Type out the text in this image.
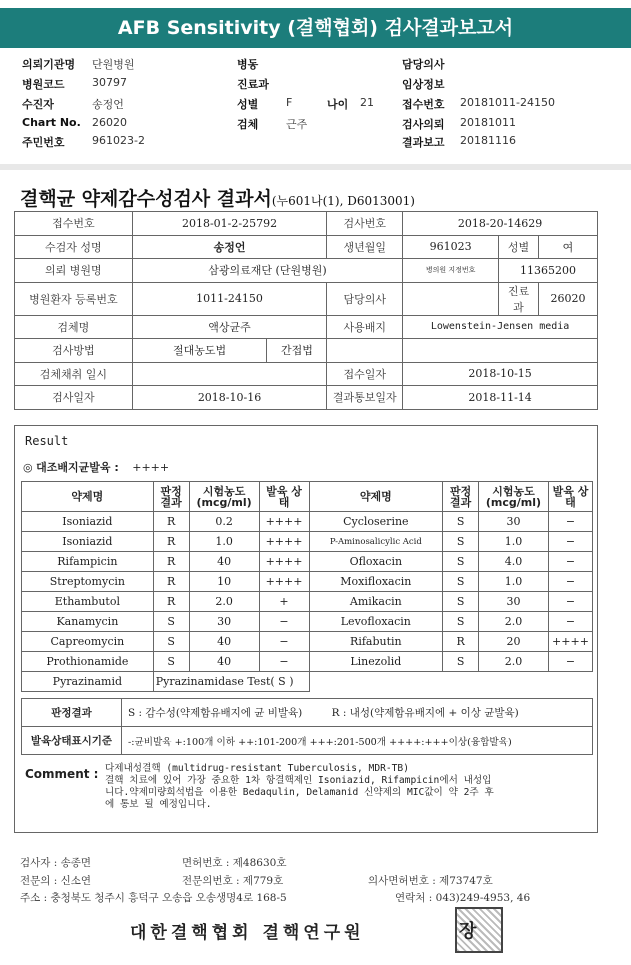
AFB Sensitivity (결핵협회) 검사결과보고서
의뢰기관명 단원병원	병동	담당의사
병원코드 30797	진료과	임상정보
수진자	송정언	성별	F	나이 21	접수번호 20181011-24150
Chart No. 26020	검체	근주	검사의뢰 20181011
주민번호 961023-2	결과보고 20181116
결핵균 약제감수성검사 결과서(누601나(1), D6013001)
접수번호	2018-01-2-25792		검사번호	2018-20-14629		
수검자 성명	송정언		생년월일	961023	성별	여
의뢰 병원명	삼광의료재단 (단원병원)			병의원 지정번호	11365200	
병원환자 등록번호	1011-24150		담당의사		진료과	26020
검체명	액상균주		사용배지	Lowenstein-Jensen media		
검사방법	절대농도법	간접법				
검체채취 일시			접수일자	2018-10-15		
검사일자	2018-10-16		결과통보일자	2018-11-14		
Result
◎ 대조배지균발육 : ++++
약제명	판정 결과	시험농도 (mcg/ml)	발육 상태	약제명	판정 결과	시험농도 (mcg/ml)	발육 상태
Isoniazid	R	0.2	++++	Cycloserine	S	30	−
Isoniazid	R	1.0	++++	P-Aminosalicylic Acid	S	1.0	−
Rifampicin	R	40	++++	Ofloxacin	S	4.0	−
Streptomycin	R	10	++++	Moxifloxacin	S	1.0	−
Ethambutol	R	2.0	+	Amikacin	S	30	−
Kanamycin	S	30	−	Levofloxacin	S	2.0	−
Capreomycin	S	40	−	Rifabutin	R	20	++++
Prothionamide	S	40	−	Linezolid	S	2.0	−
Pyrazinamid	Pyrazinamidase Test( S )						
판정결과	S : 감수성(약제함유배지에 균 비발육) R : 내성(약제함유배지에 + 이상 균발육)
발육상태표시기준	-:균비발육 +:100개 이하 ++:101-200개 +++:201-500개 ++++:+++이상(융합발육)
Comment : 다제내성결핵 (multidrug-resistant Tuberculosis, MDR-TB)
결핵 치료에 있어 가장 중요한 1차 항결핵제인 Isoniazid, Rifampicin에서 내성입
니다.약제미량희석법을 이용한 Bedaqulin, Delamanid 신약제의 MIC값이 약 2주 후
에 통보 될 예정입니다.
검사자 : 송종면	면허번호 : 제48630호
전문의 : 신소연	전문의번호 : 제779호	의사면허번호 : 제73747호
주소 : 충청북도 청주시 흥덕구 오송읍 오송생명4로 168-5	연락처 : 043)249-4953, 46
대한결핵협회 결핵연구원	장
